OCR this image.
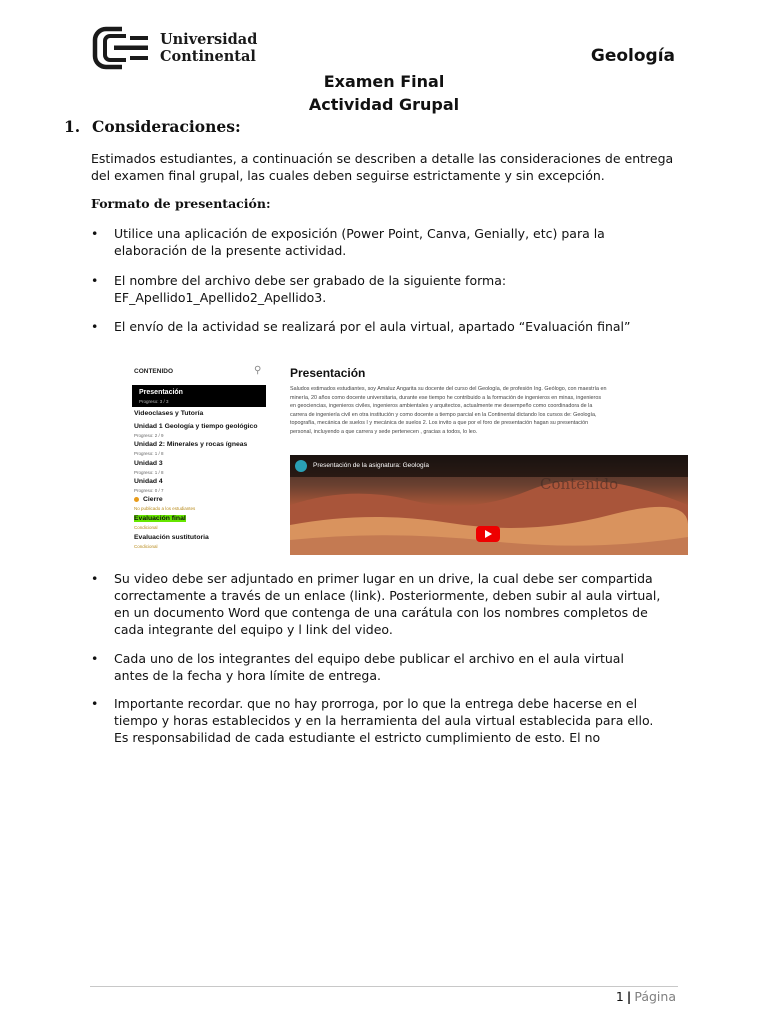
Universidad
Continental	Geología
Examen Final
Actividad Grupal
1. Consideraciones:
Estimados estudiantes, a continuación se describen a detalle las consideraciones de entrega
del examen final grupal, las cuales deben seguirse estrictamente y sin excepción.
Formato de presentación:
•	Utilice una aplicación de exposición (Power Point, Canva, Genially, etc) para la
elaboración de la presente actividad.
•	El nombre del archivo debe ser grabado de la siguiente forma:
EF_Apellido1_Apellido2_Apellido3.
•	El envío de la actividad se realizará por el aula virtual, apartado “Evaluación final”
CONTENIDO	⚲
Presentación
Progreso: 3 / 3
Videoclases y Tutoría
Unidad 1 Geología y tiempo geológico
Progreso: 2 / 9
Unidad 2: Minerales y rocas ígneas
Progreso: 1 / 8
Unidad 3
Progreso: 1 / 8
Unidad 4
Progreso: 0 / 7
Cierre
No publicado a los estudiantes
Evaluación final
Condicional
Evaluación sustitutoria
Condicional
Presentación
Saludos estimados estudiantes, soy Amaluz Angarita su docente del curso del Geología, de profesión Ing. Geólogo, con maestría en
minería, 20 años como docente universitaria, durante ese tiempo he contribuido a la formación de ingenieros en minas, ingenieros
en geociencias, ingenieros civiles, ingenieros ambientales y arquitectos, actualmente me desempeño como coordinadora de la
carrera de ingeniería civil en otra institución y como docente a tiempo parcial en la Continental dictando los cursos de: Geología,
topografía, mecánica de suelos I y mecánica de suelos 2. Los invito a que por el foro de presentación hagan su presentación
personal, incluyendo a que carrera y sede pertenecen , gracias a todos, lo leo.
Presentación de la asignatura: Geología
Contenido
•	Su video debe ser adjuntado en primer lugar en un drive, la cual debe ser compartida
correctamente a través de un enlace (link). Posteriormente, deben subir al aula virtual,
en un documento Word que contenga de una carátula con los nombres completos de
cada integrante del equipo y l link del video.
•	Cada uno de los integrantes del equipo debe publicar el archivo en el aula virtual
antes de la fecha y hora límite de entrega.
•	Importante recordar. que no hay prorroga, por lo que la entrega debe hacerse en el
tiempo y horas establecidos y en la herramienta del aula virtual establecida para ello.
Es responsabilidad de cada estudiante el estricto cumplimiento de esto. El no
1 | Página
